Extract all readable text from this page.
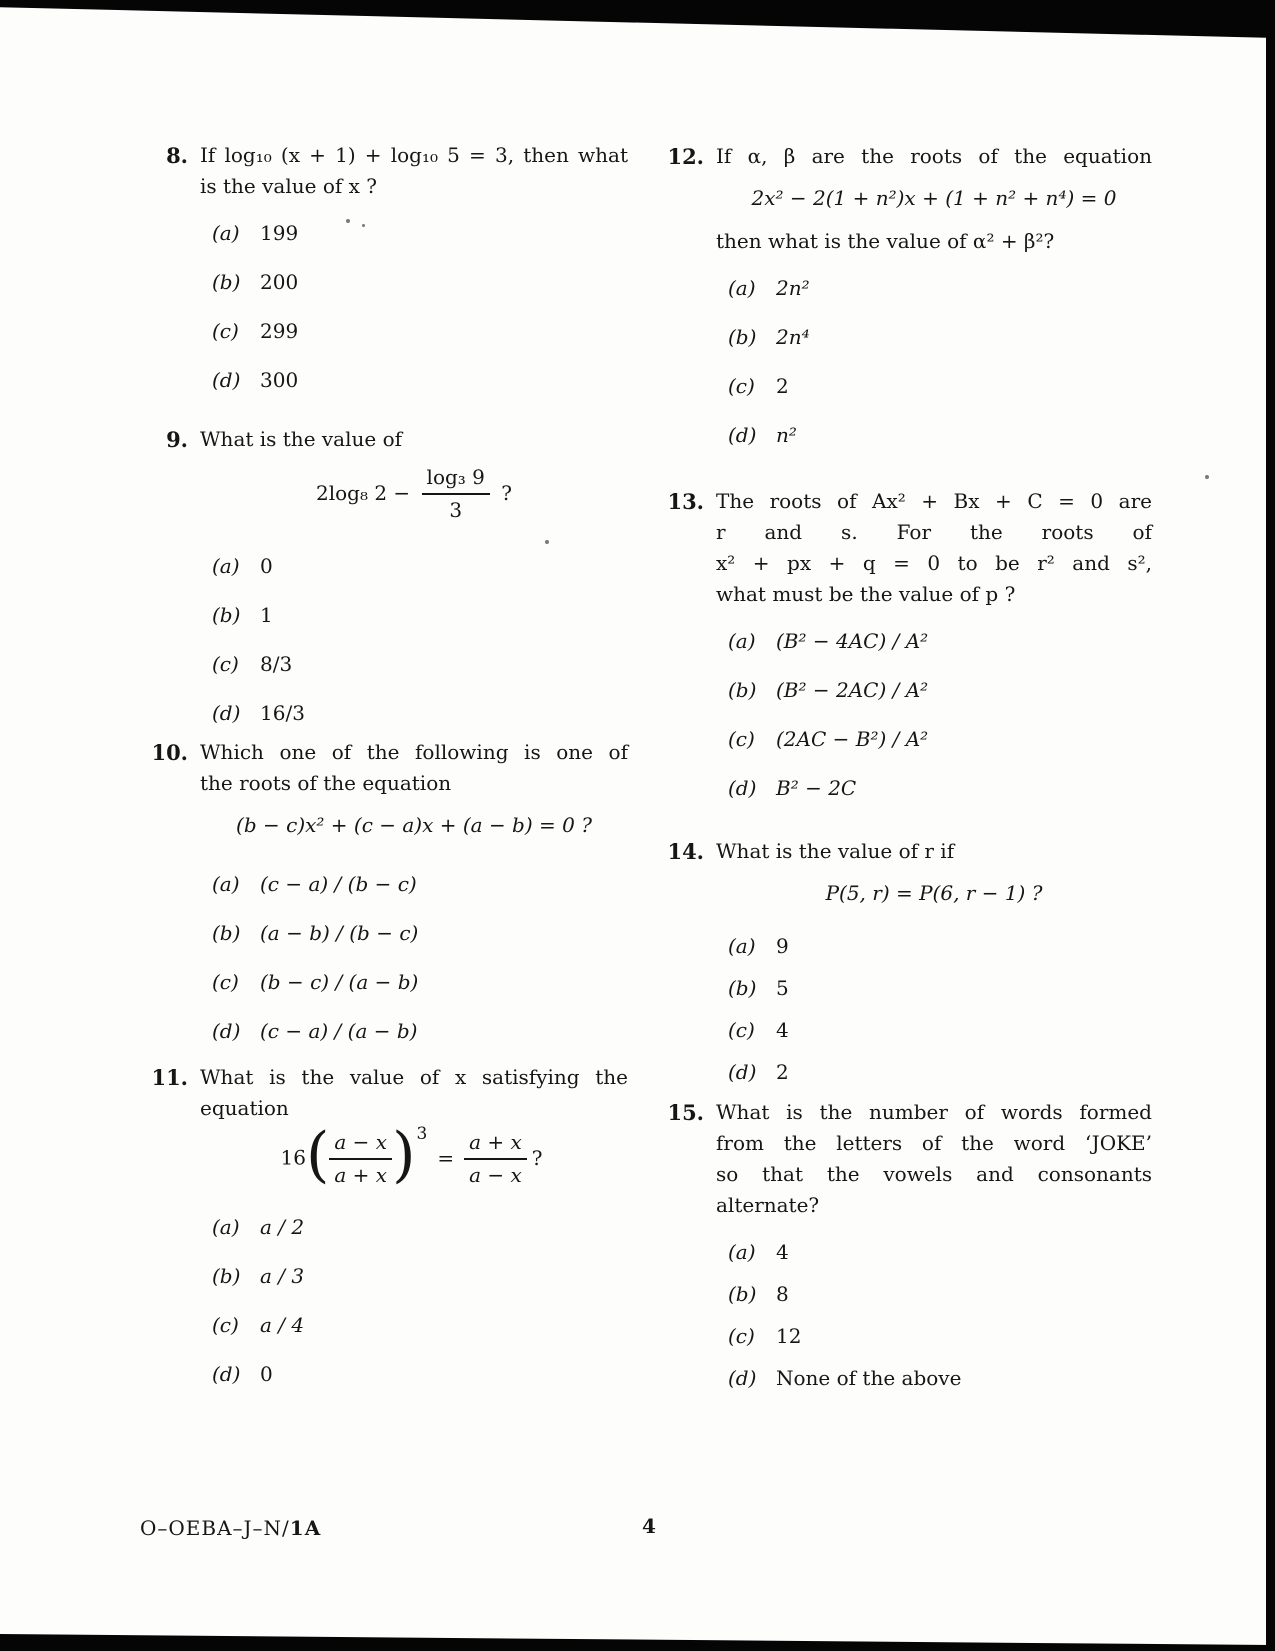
8. If log₁₀ (x + 1) + log₁₀ 5 = 3, then what
is the value of x ?
(a)	199
(b) 200
(c)	299
(d) 300
9. What is the value of
2log₈ $2 - \frac{\text{log₃ 9}}{3}$ ?
(a)	0
(b) 1
(c)	8/3
(d) 16/3
10. Which one of the following is one of
the roots of the equation
(b − c)x² + (c − a)x + (a − b) = 0 ?
(a)	(c − a) / (b − c)
(b) (a − b) / (b − c)
(c)	(b − c) / (a − b)
(d) (c − a) / (a − b)
11. What is the value of x satisfying the
equation
$16( \frac{a - x}{a + x} )^3= \frac{a + x}{a - x}$ ?
(a)	a / 2
(b) a / 3
(c)	a / 4
(d) 0
12. If α, β are the roots of the equation
2x² − 2(1 + n²)x + (1 + n² + n⁴) = 0
then what is the value of α² + β²?
(a)	2n²
(b) 2n⁴
(c)	2
(d) n²
13. The roots of Ax² + Bx + C = 0 are
r and s. For the roots of
x² + px + q = 0 to be r² and s²,
what must be the value of p ?
(a)	(B² − 4AC) / A²
(b) (B² − 2AC) / A²
(c)	(2AC − B²) / A²
(d) B² − 2C
14. What is the value of r if
P(5, r) = P(6, r − 1) ?
(a)	9
(b) 5
(c)	4
(d) 2
15. What is the number of words formed
from the letters of the word ‘JOKE’
so that the vowels and consonants
alternate?
(a)	4
(b) 8
(c)	12
(d) None of the above
O–OEBA–J–N/1A	4
